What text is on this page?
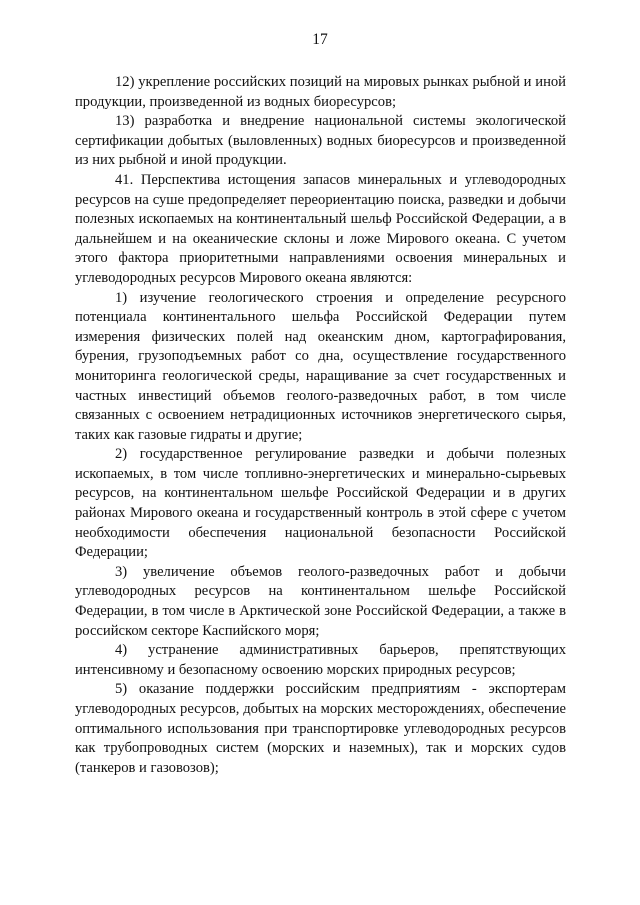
17

12) укрепление российских позиций на мировых рынках рыбной и иной продукции, произведенной из водных биоресурсов;

13) разработка и внедрение национальной системы экологической сертификации добытых (выловленных) водных биоресурсов и произведенной из них рыбной и иной продукции.

41. Перспектива истощения запасов минеральных и углеводородных ресурсов на суше предопределяет переориентацию поиска, разведки и добычи полезных ископаемых на континентальный шельф Российской Федерации, а в дальнейшем и на океанические склоны и ложе Мирового океана. С учетом этого фактора приоритетными направлениями освоения минеральных и углеводородных ресурсов Мирового океана являются:

1) изучение геологического строения и определение ресурсного потенциала континентального шельфа Российской Федерации путем измерения физических полей над океанским дном, картографирования, бурения, грузоподъемных работ со дна, осуществление государственного мониторинга геологической среды, наращивание за счет государственных и частных инвестиций объемов геолого-разведочных работ, в том числе связанных с освоением нетрадиционных источников энергетического сырья, таких как газовые гидраты и другие;

2) государственное регулирование разведки и добычи полезных ископаемых, в том числе топливно-энергетических и минерально-сырьевых ресурсов, на континентальном шельфе Российской Федерации и в других районах Мирового океана и государственный контроль в этой сфере с учетом необходимости обеспечения национальной безопасности Российской Федерации;

3) увеличение объемов геолого-разведочных работ и добычи углеводородных ресурсов на континентальном шельфе Российской Федерации, в том числе в Арктической зоне Российской Федерации, а также в российском секторе Каспийского моря;

4) устранение административных барьеров, препятствующих интенсивному и безопасному освоению морских природных ресурсов;

5) оказание поддержки российским предприятиям - экспортерам углеводородных ресурсов, добытых на морских месторождениях, обеспечение оптимального использования при транспортировке углеводородных ресурсов как трубопроводных систем (морских и наземных), так и морских судов (танкеров и газовозов);
